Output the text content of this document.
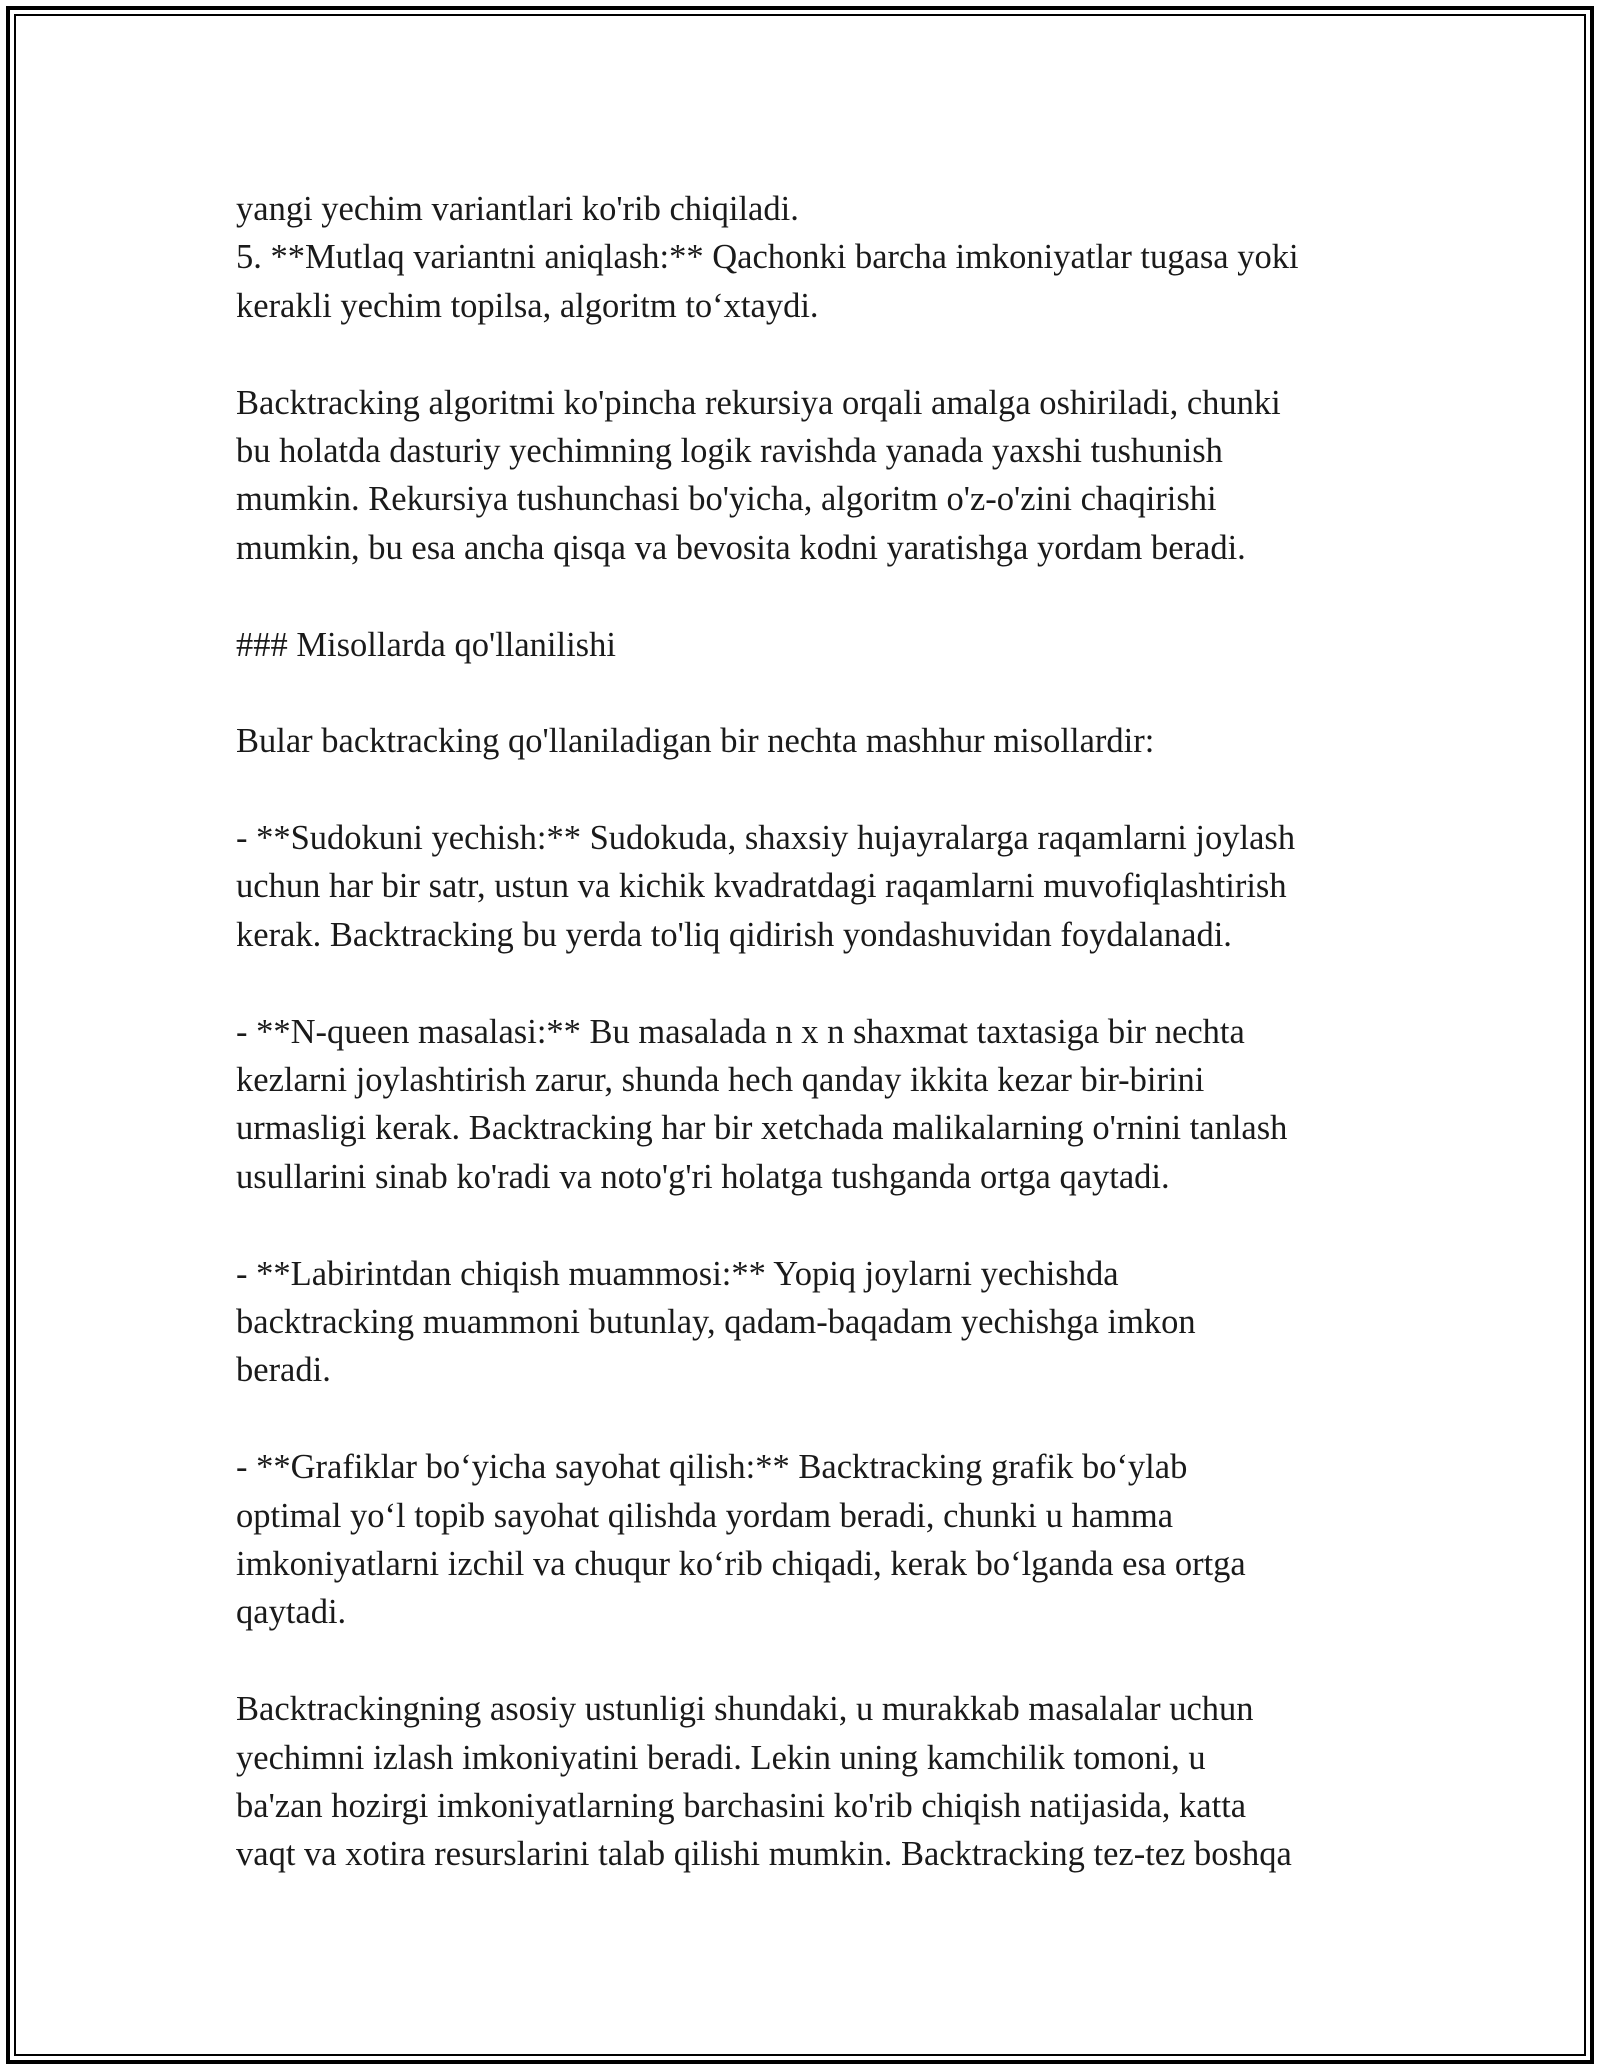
yangi yechim variantlari ko'rib chiqiladi.
5. **Mutlaq variantni aniqlash:** Qachonki barcha imkoniyatlar tugasa yoki
kerakli yechim topilsa, algoritm to‘xtaydi.
Backtracking algoritmi ko'pincha rekursiya orqali amalga oshiriladi, chunki
bu holatda dasturiy yechimning logik ravishda yanada yaxshi tushunish
mumkin. Rekursiya tushunchasi bo'yicha, algoritm o'z-o'zini chaqirishi
mumkin, bu esa ancha qisqa va bevosita kodni yaratishga yordam beradi.
### Misollarda qo'llanilishi
Bular backtracking qo'llaniladigan bir nechta mashhur misollardir:
- **Sudokuni yechish:** Sudokuda, shaxsiy hujayralarga raqamlarni joylash
uchun har bir satr, ustun va kichik kvadratdagi raqamlarni muvofiqlashtirish
kerak. Backtracking bu yerda to'liq qidirish yondashuvidan foydalanadi.
- **N-queen masalasi:** Bu masalada n x n shaxmat taxtasiga bir nechta
kezlarni joylashtirish zarur, shunda hech qanday ikkita kezar bir-birini
urmasligi kerak. Backtracking har bir xetchada malikalarning o'rnini tanlash
usullarini sinab ko'radi va noto'g'ri holatga tushganda ortga qaytadi.
- **Labirintdan chiqish muammosi:** Yopiq joylarni yechishda
backtracking muammoni butunlay, qadam-baqadam yechishga imkon
beradi.
- **Grafiklar bo‘yicha sayohat qilish:** Backtracking grafik bo‘ylab
optimal yo‘l topib sayohat qilishda yordam beradi, chunki u hamma
imkoniyatlarni izchil va chuqur ko‘rib chiqadi, kerak bo‘lganda esa ortga
qaytadi.
Backtrackingning asosiy ustunligi shundaki, u murakkab masalalar uchun
yechimni izlash imkoniyatini beradi. Lekin uning kamchilik tomoni, u
ba'zan hozirgi imkoniyatlarning barchasini ko'rib chiqish natijasida, katta
vaqt va xotira resurslarini talab qilishi mumkin. Backtracking tez-tez boshqa
